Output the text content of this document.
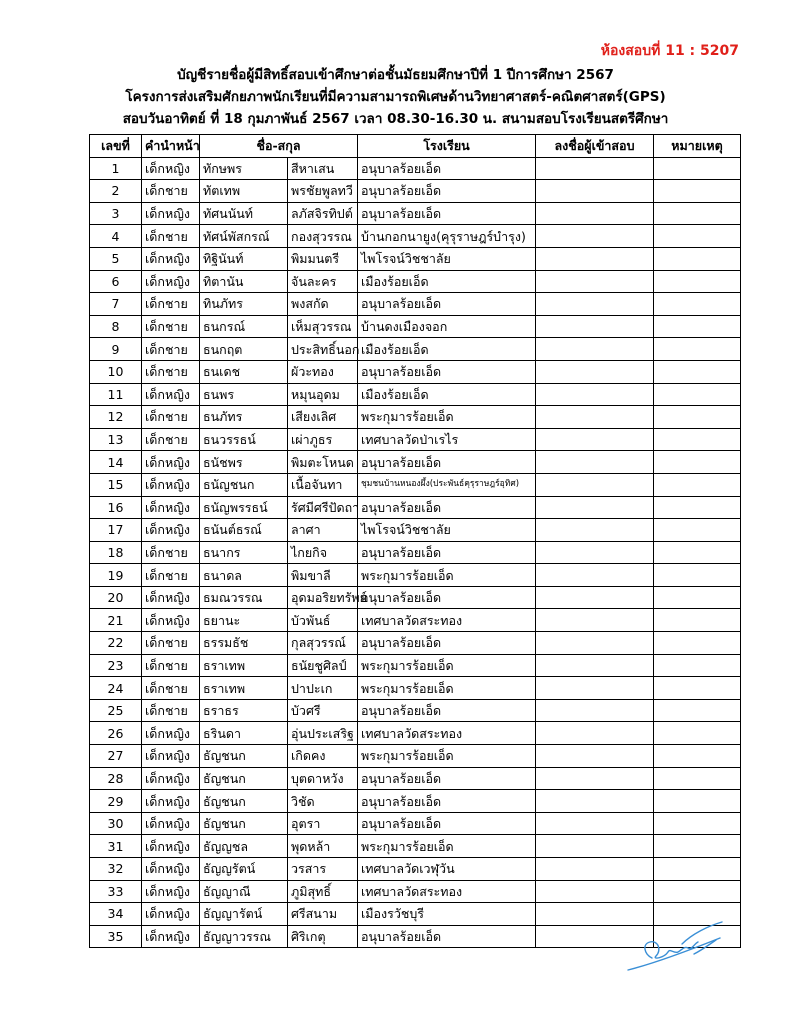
ห้องสอบที่ 11 : 5207
บัญชีรายชื่อผู้มีสิทธิ์สอบเข้าศึกษาต่อชั้นมัธยมศึกษาปีที่ 1 ปีการศึกษา 2567
โครงการส่งเสริมศักยภาพนักเรียนที่มีความสามารถพิเศษด้านวิทยาศาสตร์-คณิตศาสตร์(GPS)
สอบวันอาทิตย์ ที่ 18 กุมภาพันธ์ 2567 เวลา 08.30-16.30 น. สนามสอบโรงเรียนสตรีศึกษา
เลขที่	คำนำหน้า	ชื่อ-สกุล		โรงเรียน	ลงชื่อผู้เข้าสอบ	หมายเหตุ
1	เด็กหญิง	ทักษพร	สีหาเสน	อนุบาลร้อยเอ็ด		
2	เด็กชาย	ทัตเทพ	พรชัยพูลทวี	อนุบาลร้อยเอ็ด		
3	เด็กหญิง	ทัศนนันท์	ลภัสจิรทิปต์	อนุบาลร้อยเอ็ด		
4	เด็กชาย	ทัศน์พัสกรณ์	กองสุวรรณ	บ้านกอกนายูง(คุรุราษฎร์บำรุง)		
5	เด็กหญิง	ทิฐินันท์	พิมมนตรี	ไพโรจน์วิชชาลัย		
6	เด็กหญิง	ทิตานัน	จันละคร	เมืองร้อยเอ็ด		
7	เด็กชาย	ทินภัทร	พงสกัด	อนุบาลร้อยเอ็ด		
8	เด็กชาย	ธนกรณ์	เห็มสุวรรณ	บ้านดงเมืองจอก		
9	เด็กชาย	ธนกฤต	ประสิทธิ์นอก	เมืองร้อยเอ็ด		
10	เด็กชาย	ธนเดช	ผัวะทอง	อนุบาลร้อยเอ็ด		
11	เด็กหญิง	ธนพร	หมุนอุดม	เมืองร้อยเอ็ด		
12	เด็กชาย	ธนภัทร	เสียงเลิศ	พระกุมารร้อยเอ็ด		
13	เด็กชาย	ธนวรรธน์	เผ่าภูธร	เทศบาลวัดป่าเรไร		
14	เด็กหญิง	ธนัชพร	พิมตะโหนด	อนุบาลร้อยเอ็ด		
15	เด็กหญิง	ธนัญชนก	เนื้อจันทา	ชุมชนบ้านหนองผึ้ง(ประพันธ์คุรุราษฎร์อุทิศ)		
16	เด็กหญิง	ธนัญพรรธน์	รัศมีศรีปัดถา	อนุบาลร้อยเอ็ด		
17	เด็กหญิง	ธนันต์ธรณ์	ลาศา	ไพโรจน์วิชชาลัย		
18	เด็กชาย	ธนากร	ไกยกิจ	อนุบาลร้อยเอ็ด		
19	เด็กชาย	ธนาดล	พิมขาลี	พระกุมารร้อยเอ็ด		
20	เด็กหญิง	ธมณวรรณ	อุดมอริยทรัพย์	อนุบาลร้อยเอ็ด		
21	เด็กหญิง	ธยานะ	บัวพันธ์	เทศบาลวัดสระทอง		
22	เด็กชาย	ธรรมธัช	กุลสุวรรณ์	อนุบาลร้อยเอ็ด		
23	เด็กชาย	ธราเทพ	ธนัยชูศิลป์	พระกุมารร้อยเอ็ด		
24	เด็กชาย	ธราเทพ	ปาปะเก	พระกุมารร้อยเอ็ด		
25	เด็กชาย	ธราธร	บัวศรี	อนุบาลร้อยเอ็ด		
26	เด็กหญิง	ธรินดา	อุ่นประเสริฐ	เทศบาลวัดสระทอง		
27	เด็กหญิง	ธัญชนก	เกิดคง	พระกุมารร้อยเอ็ด		
28	เด็กหญิง	ธัญชนก	บุตดาหวัง	อนุบาลร้อยเอ็ด		
29	เด็กหญิง	ธัญชนก	วิชัด	อนุบาลร้อยเอ็ด		
30	เด็กหญิง	ธัญชนก	อุตรา	อนุบาลร้อยเอ็ด		
31	เด็กหญิง	ธัญญชล	พุดหล้า	พระกุมารร้อยเอ็ด		
32	เด็กหญิง	ธัญญรัตน์	วรสาร	เทศบาลวัดเวฬุวัน		
33	เด็กหญิง	ธัญญาณี	ภูมิสุทธิ์	เทศบาลวัดสระทอง		
34	เด็กหญิง	ธัญญารัตน์	ศรีสนาม	เมืองรวัชบุรี		
35	เด็กหญิง	ธัญญาวรรณ	ศิริเกตุ	อนุบาลร้อยเอ็ด		
